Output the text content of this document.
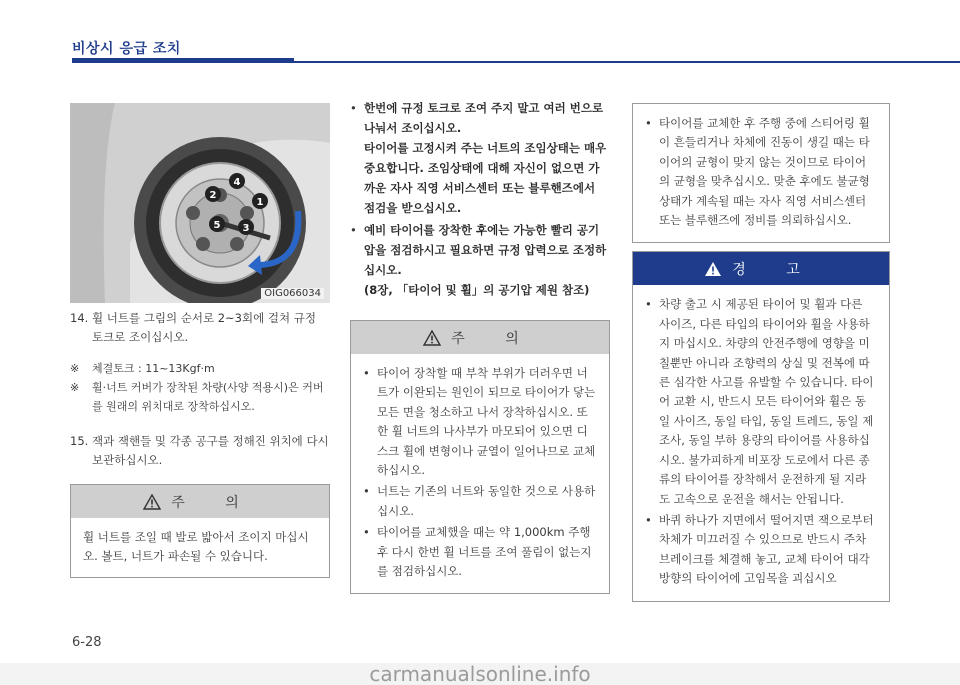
비상시 응급 조치
4
1
2
5 3
OIG066034
14. 휠 너트를 그림의 순서로 2~3회에 걸쳐 규정 토크로 조이십시오.
※	체결토크 : 11~13Kgf·m
※	휠·너트 커버가 장착된 차량(사양 적용시)은 커버를 원래의 위치대로 장착하십시오.
15. 잭과 잭핸들 및 각종 공구를 정해진 위치에 다시 보관하십시오.
주 의
휠 너트를 조일 때 발로 밟아서 조이지 마십시오. 볼트, 너트가 파손될 수 있습니다.
• 한번에 규정 토크로 조여 주지 말고 여러 번으로 나눠서 조이십시오.
타이어를 고정시켜 주는 너트의 조임상태는 매우 중요합니다. 조임상태에 대해 자신이 없으면 가까운 자사 직영 서비스센터 또는 블루핸즈에서 점검을 받으십시오.
• 예비 타이어를 장착한 후에는 가능한 빨리 공기압을 점검하시고 필요하면 규정 압력으로 조정하십시오.
(8장, 「타이어 및 휠」의 공기압 제원 참조)
주 의
• 타이어 장착할 때 부착 부위가 더러우면 너트가 이완되는 원인이 되므로 타이어가 닿는 모든 면을 청소하고 나서 장착하십시오. 또한 휠 너트의 나사부가 마모되어 있으면 디스크 휠에 변형이나 균열이 일어나므로 교체하십시오.
• 너트는 기존의 너트와 동일한 것으로 사용하십시오.
• 타이어를 교체했을 때는 약 1,000km 주행 후 다시 한번 휠 너트를 조여 풀림이 없는지를 점검하십시오.
• 타이어를 교체한 후 주행 중에 스티어링 휠이 흔들리거나 차체에 진동이 생길 때는 타이어의 균형이 맞지 않는 것이므로 타이어의 균형을 맞추십시오. 맞춘 후에도 불균형 상태가 계속될 때는 자사 직영 서비스센터 또는 블루핸즈에 정비를 의뢰하십시오.
경 고
• 차량 출고 시 제공된 타이어 및 휠과 다른 사이즈, 다른 타입의 타이어와 휠을 사용하지 마십시오. 차량의 안전주행에 영향을 미칠뿐만 아니라 조향력의 상실 및 전복에 따른 심각한 사고를 유발할 수 있습니다. 타이어 교환 시, 반드시 모든 타이어와 휠은 동일 사이즈, 동일 타입, 동일 트레드, 동일 제조사, 동일 부하 용량의 타이어를 사용하십시오. 불가피하게 비포장 도로에서 다른 종류의 타이어를 장착해서 운전하게 될 지라도 고속으로 운전을 해서는 안됩니다.
• 바퀴 하나가 지면에서 떨어지면 잭으로부터 차체가 미끄러질 수 있으므로 반드시 주차 브레이크를 체결해 놓고, 교체 타이어 대각방향의 타이어에 고임목을 괴십시오
6-28
carmanualsonline.info
